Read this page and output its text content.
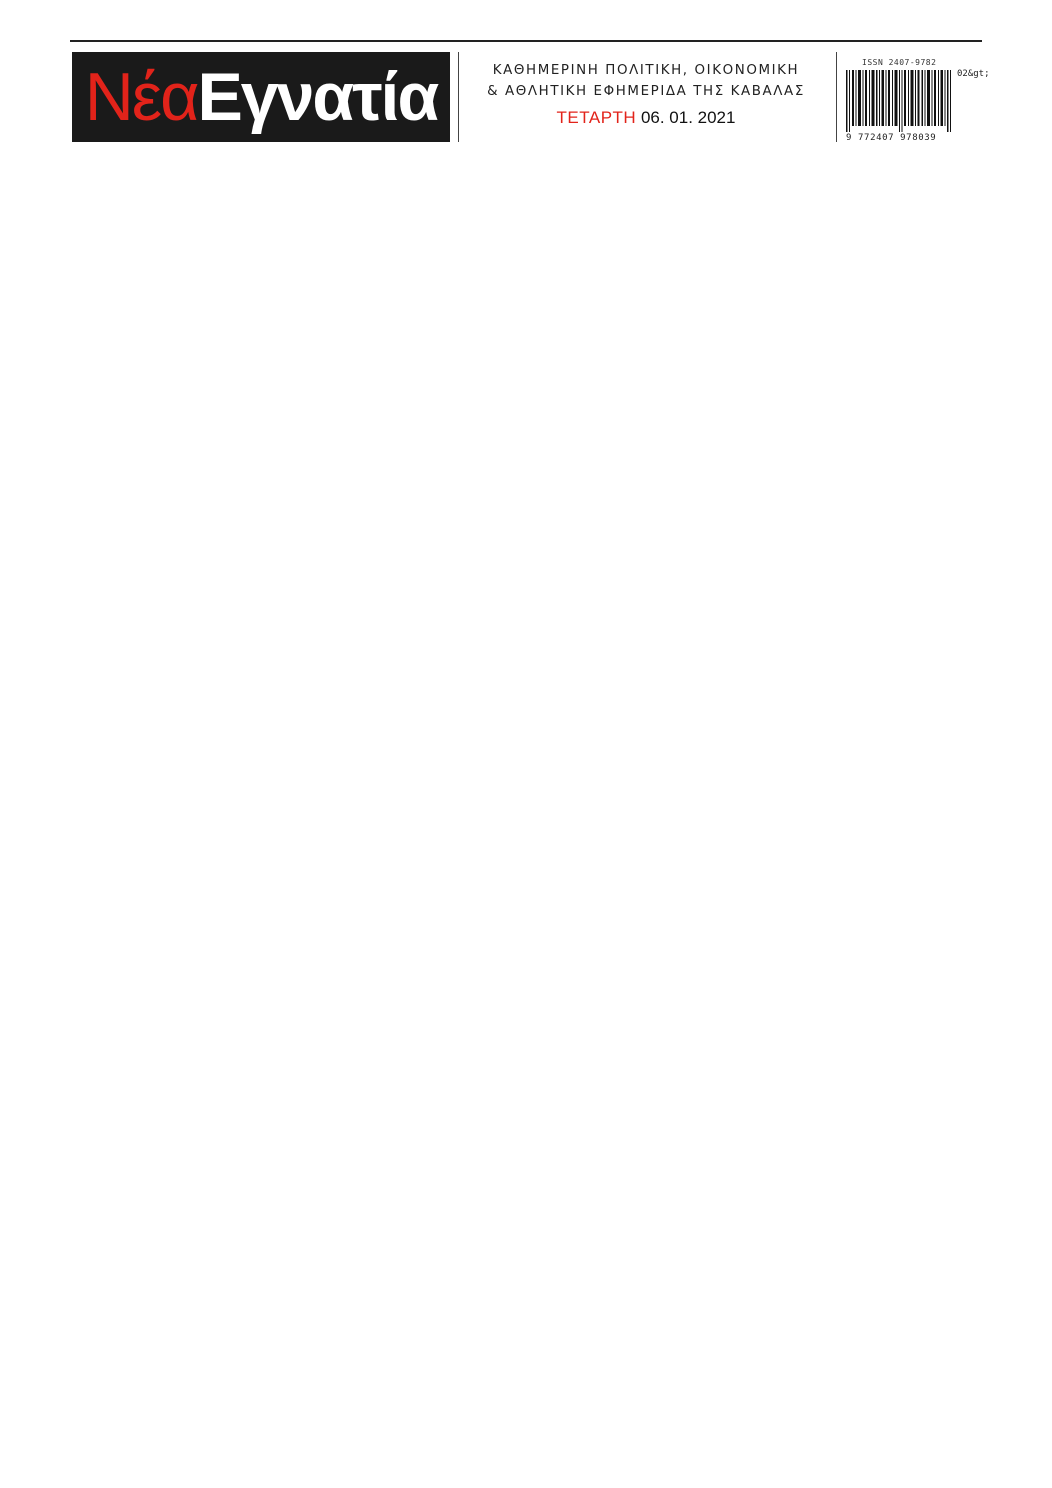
Νέα Εγνατία	ΚΑΘΗΜΕΡΙΝΗ ΠΟΛΙΤΙΚΗ, ΟΙΚΟΝΟΜΙΚΗ
& ΑΘΛΗΤΙΚΗ ΕΦΗΜΕΡΙΔΑ ΤΗΣ ΚΑΒΑΛΑΣ
ΤΕΤΑΡΤΗ 06. 01. 2021
ISSN 2407-9782
02&gt;
9 772407 978039
